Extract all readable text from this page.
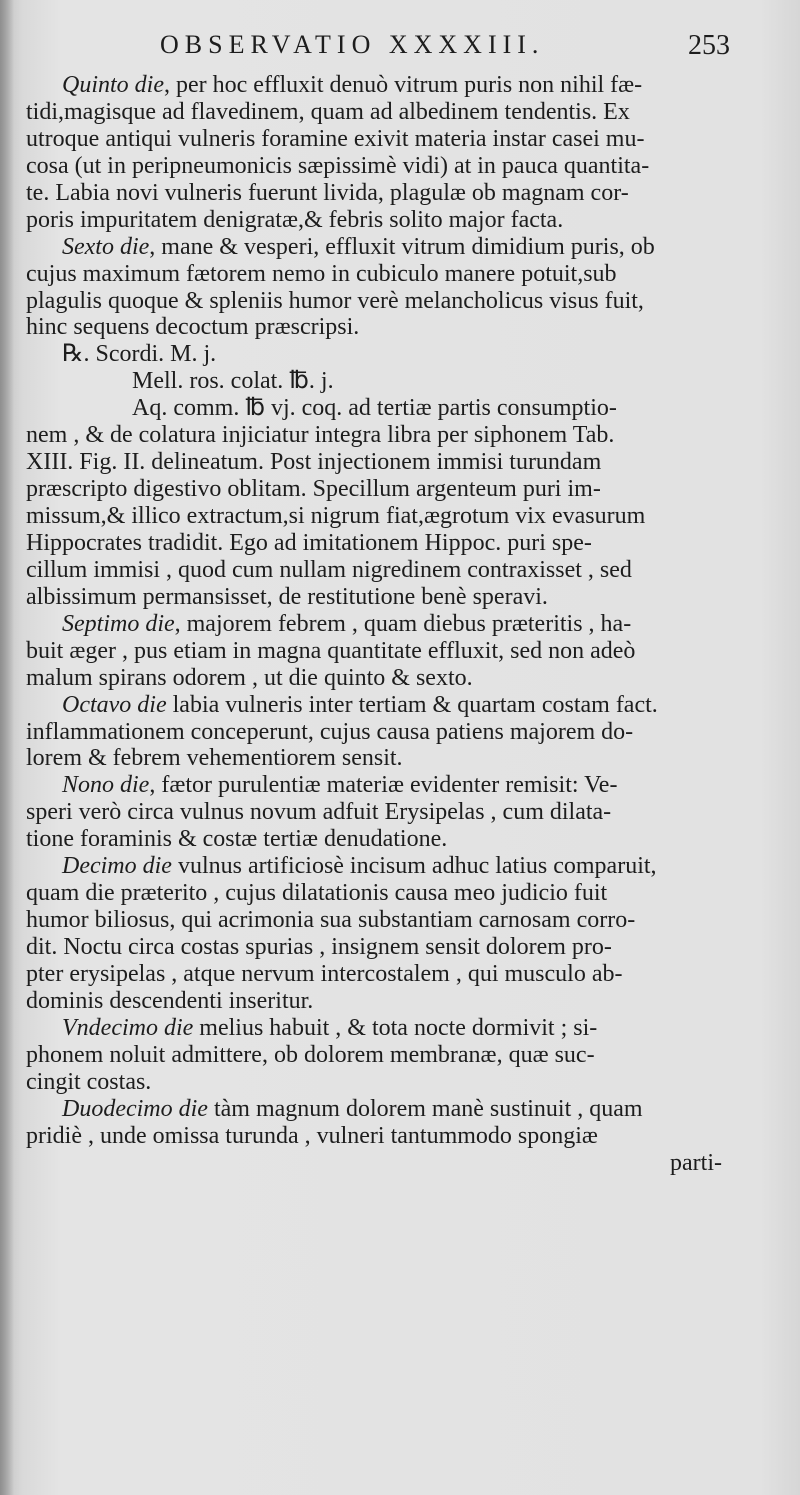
OBSERVATIO XXXXIII.	253
Quinto die, per hoc effluxit denuò vitrum puris non nihil fæ-
tidi,magisque ad flavedinem, quam ad albedinem tendentis. Ex
utroque antiqui vulneris foramine exivit materia instar casei mu-
cosa (ut in peripneumonicis sæpissimè vidi) at in pauca quantita-
te. Labia novi vulneris fuerunt livida, plagulæ ob magnam cor-
poris impuritatem denigratæ,& febris solito major facta.
Sexto die, mane & vesperi, effluxit vitrum dimidium puris, ob
cujus maximum fætorem nemo in cubiculo manere potuit,sub
plagulis quoque & spleniis humor verè melancholicus visus fuit,
hinc sequens decoctum præscripsi.
℞. Scordi. M. j.
Mell. ros. colat. ℔. j.
Aq. comm. ℔ vj. coq. ad tertiæ partis consumptio-
nem , & de colatura injiciatur integra libra per siphonem Tab.
XIII. Fig. II. delineatum. Post injectionem immisi turundam
præscripto digestivo oblitam. Specillum argenteum puri im-
missum,& illico extractum,si nigrum fiat,ægrotum vix evasurum
Hippocrates tradidit. Ego ad imitationem Hippoc. puri spe-
cillum immisi , quod cum nullam nigredinem contraxisset , sed
albissimum permansisset, de restitutione benè speravi.
Septimo die, majorem febrem , quam diebus præteritis , ha-
buit æger , pus etiam in magna quantitate effluxit, sed non adeò
malum spirans odorem , ut die quinto & sexto.
Octavo die labia vulneris inter tertiam & quartam costam fact.
inflammationem conceperunt, cujus causa patiens majorem do-
lorem & febrem vehementiorem sensit.
Nono die, fætor purulentiæ materiæ evidenter remisit: Ve-
speri verò circa vulnus novum adfuit Erysipelas , cum dilata-
tione foraminis & costæ tertiæ denudatione.
Decimo die vulnus artificiosè incisum adhuc latius comparuit,
quam die præterito , cujus dilatationis causa meo judicio fuit
humor biliosus, qui acrimonia sua substantiam carnosam corro-
dit. Noctu circa costas spurias , insignem sensit dolorem pro-
pter erysipelas , atque nervum intercostalem , qui musculo ab-
dominis descendenti inseritur.
Vndecimo die melius habuit , & tota nocte dormivit ; si-
phonem noluit admittere, ob dolorem membranæ, quæ suc-
cingit costas.
Duodecimo die tàm magnum dolorem manè sustinuit , quam
pridiè , unde omissa turunda , vulneri tantummodo spongiæ
parti-
